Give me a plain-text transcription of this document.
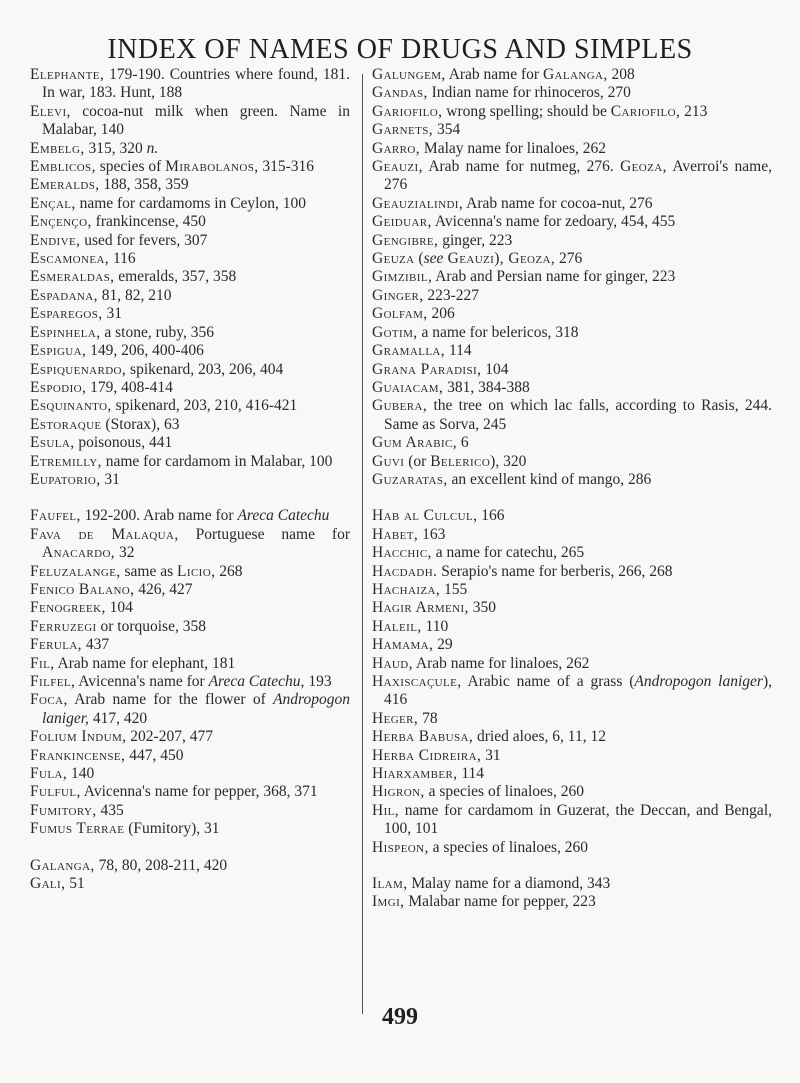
INDEX OF NAMES OF DRUGS AND SIMPLES

Elephante, 179-190. Countries where found, 181. In war, 183. Hunt, 188

Elevi, cocoa-nut milk when green. Name in Malabar, 140

Embelg, 315, 320 n.

Emblicos, species of Mirabolanos, 315-316

Emeralds, 188, 358, 359

Ençal, name for cardamoms in Ceylon, 100

Ençenço, frankincense, 450

Endive, used for fevers, 307

Escamonea, 116

Esmeraldas, emeralds, 357, 358

Espadana, 81, 82, 210

Esparegos, 31

Espinhela, a stone, ruby, 356

Espigua, 149, 206, 400-406

Espiquenardo, spikenard, 203, 206, 404

Espodio, 179, 408-414

Esquinanto, spikenard, 203, 210, 416-421

Estoraque (Storax), 63

Esula, poisonous, 441

Etremilly, name for cardamom in Malabar, 100

Eupatorio, 31

Faufel, 192-200. Arab name for Areca Catechu

Fava de Malaqua, Portuguese name for Anacardo, 32

Feluzalange, same as Licio, 268

Fenico Balano, 426, 427

Fenogreek, 104

Ferruzegi or torquoise, 358

Ferula, 437

Fil, Arab name for elephant, 181

Filfel, Avicenna's name for Areca Catechu, 193

Foca, Arab name for the flower of Andropogon laniger, 417, 420

Folium Indum, 202-207, 477

Frankincense, 447, 450

Fula, 140

Fulful, Avicenna's name for pepper, 368, 371

Fumitory, 435

Fumus Terrae (Fumitory), 31

Galanga, 78, 80, 208-211, 420

Gali, 51

Galungem, Arab name for Galanga, 208

Gandas, Indian name for rhinoceros, 270

Gariofilo, wrong spelling; should be Cariofilo, 213

Garnets, 354

Garro, Malay name for linaloes, 262

Geauzi, Arab name for nutmeg, 276. Geoza, Averroi's name, 276

Geauzialindi, Arab name for cocoa-nut, 276

Geiduar, Avicenna's name for zedoary, 454, 455

Gengibre, ginger, 223

Geuza (see Geauzi), Geoza, 276

Gimzibil, Arab and Persian name for ginger, 223

Ginger, 223-227

Golfam, 206

Gotim, a name for belericos, 318

Gramalla, 114

Grana Paradisi, 104

Guaiacam, 381, 384-388

Gubera, the tree on which lac falls, according to Rasis, 244. Same as Sorva, 245

Gum Arabic, 6

Guvi (or Belerico), 320

Guzaratas, an excellent kind of mango, 286

Hab al Culcul, 166

Habet, 163

Hacchic, a name for catechu, 265

Hacdadh. Serapio's name for berberis, 266, 268

Hachaiza, 155

Hagir Armeni, 350

Haleil, 110

Hamama, 29

Haud, Arab name for linaloes, 262

Haxiscaçule, Arabic name of a grass (Andropogon laniger), 416

Heger, 78

Herba Babusa, dried aloes, 6, 11, 12

Herba Cidreira, 31

Hiarxamber, 114

Higron, a species of linaloes, 260

Hil, name for cardamom in Guzerat, the Deccan, and Bengal, 100, 101

Hispeon, a species of linaloes, 260

Ilam, Malay name for a diamond, 343

Imgi, Malabar name for pepper, 223

499
